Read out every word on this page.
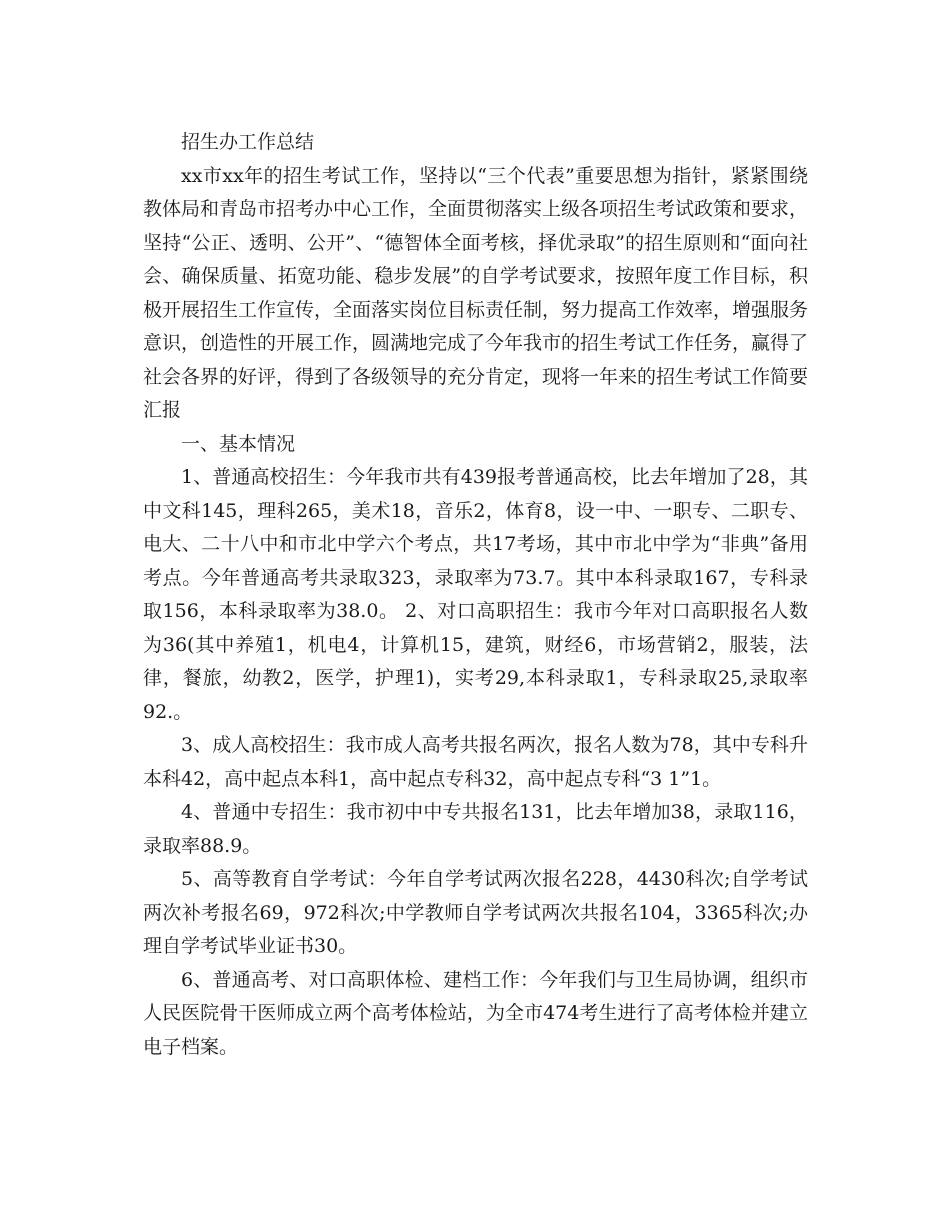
招生办工作总结

xx市xx年的招生考试工作，坚持以“三个代表”重要思想为指针，紧紧围绕教体局和青岛市招考办中心工作，全面贯彻落实上级各项招生考试政策和要求，坚持“公正、透明、公开”、“德智体全面考核，择优录取”的招生原则和“面向社会、确保质量、拓宽功能、稳步发展”的自学考试要求，按照年度工作目标，积极开展招生工作宣传，全面落实岗位目标责任制，努力提高工作效率，增强服务意识，创造性的开展工作，圆满地完成了今年我市的招生考试工作任务，赢得了社会各界的好评，得到了各级领导的充分肯定，现将一年来的招生考试工作简要汇报

一、基本情况

1、普通高校招生：今年我市共有439报考普通高校，比去年增加了28，其中文科145，理科265，美术18，音乐2，体育8，设一中、一职专、二职专、电大、二十八中和市北中学六个考点，共17考场，其中市北中学为“非典”备用考点。今年普通高考共录取323，录取率为73.7。其中本科录取167，专科录取156，本科录取率为38.0。 2、对口高职招生：我市今年对口高职报名人数为36(其中养殖1，机电4，计算机15，建筑，财经6，市场营销2，服装，法律，餐旅，幼教2，医学，护理1)，实考29,本科录取1，专科录取25,录取率92.。

3、成人高校招生：我市成人高考共报名两次，报名人数为78，其中专科升本科42，高中起点本科1，高中起点专科32，高中起点专科“3 1”1。

4、普通中专招生：我市初中中专共报名131，比去年增加38，录取116，录取率88.9。

5、高等教育自学考试：今年自学考试两次报名228，4430科次;自学考试两次补考报名69，972科次;中学教师自学考试两次共报名104，3365科次;办理自学考试毕业证书30。

6、普通高考、对口高职体检、建档工作：今年我们与卫生局协调，组织市人民医院骨干医师成立两个高考体检站，为全市474考生进行了高考体检并建立电子档案。
